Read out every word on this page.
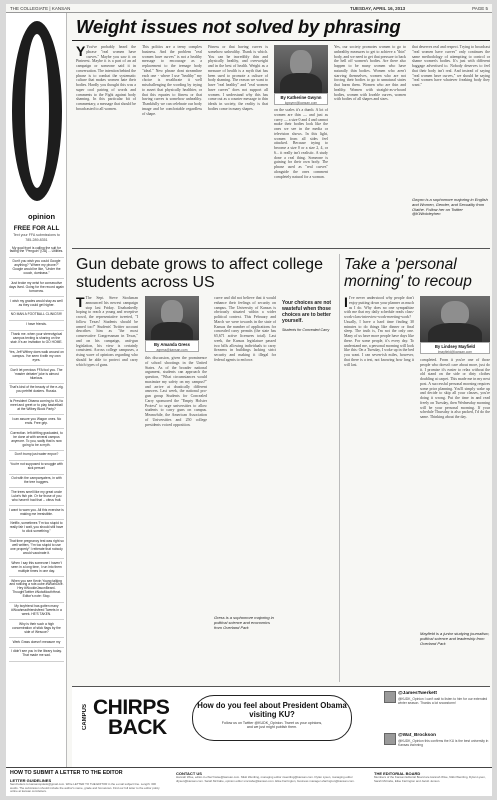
THE COLLEGIATE | KANSAN	TUESDAY, APRIL 16, 2013	PAGE 5
opinion
FREE FOR ALL
Text your FFA submissions to
785-289-8351
My goal front is calling the suit for fading the "Penguin" [OA] ... Utilities.
Don't you wish you could Google anything? "Where my phone?" Google would be like, "Under the couch, dumbass."
Just broke my wrist for consecutive days lived. Going for the record again tomorrow.
I wish my grades would stay as well as they could get higher.
NO MAN A FOOTBALL CLINICS!!!!
I have friends.
Thank me. when your stereotypical campus texting is sharing on the stair. It's an invitation to GO HOME.
Yes, Jeff Withey does walk around on campus. I've seen it with my own eyes.
Don't let previous FFA fool you. The 'master debater' joke is almost hilarious.
That's kind of the beauty of the e-zig. you petrifel dusters. Russia.
Is President Obama coming to KU to meet and greet or to play basketball at the Wilbey Block Party?
I can assure you Wagon ones. No ends. Free grip.
Correction. left drifting graduated, to be done at with several campus anymore. To you, sadly that is now going to be a myth.
Don't trump just water enpox?
You're not supposed to snuggle with sick person!
Out with the campanyaters, in with the tree huggers.
The trees smell like my great uncle Luke's fish pie. Or for those of you who haven't had that -- citrus fruit.
I want to warn you. All this exercise is making me irresistible.
Netflix, sometimes "I'm too stupid to really fair I wait, you should still have to click something."
That time pregnancy test was right so well written, "I'm too stupid to use one properly" I reiterate that nobody would vaccinate it.
When I say this someone I haven't seen in a long time, I run into them multiple times in one day.
When you see Kevin Young talking and noticing a rule-cube #WoahDice. Hey #WookieJasonBeard-ThoughtTwitter #NotaMouthHeat. Editor's note: Stop.
My boyfriend has gotten many #Woahmadfriendsfeed Tweets in a week. HE'S TAKEN.
Why is their such a high concentration of stick flags by the side of Wescoe?
Werk Grass doesn't measure my
I didn't see you in the library today. That made me sad.
Weight issues not solved by phrasing
Y You've probably heard the phrase "real women have curves." Maybe you saw it on Pinterest. Maybe it is a part of an ad campaign or someone said it in conversation. The intention behind the phrase is to combat the systematic culture that makes women hate their bodies. Hardly you thought this was a super cool pairing of words and comments to the Fight against body shaming. In this particular bit of commentary, a message that should be broadcasted to all women.
This politics are a teeny complex business. And the problem "real women have curves" is not a healthy message to encourage as a replacement to the teenage body "ideal." New phrase dont streamline each one - where I use "healthy" my choice is recalibrate it well mischallenging the wording by trying to assert that physically healthier, or that this equates to fitness or that having curves is somehow unhealthy. Thankfully we can celebrate our body image and be comfortable regardless of shape.
Fitness or that having curves is somehow unhealthy. Thank is which. You can be incredibly thin and physically healthy, and overweight and in the best of health. Weight as a measure of health is a myth that has been used to promote a culture of body shaming. The reason we want to have "real healthy" and "real women have curves" does not support all women. I understand why this has come out as a counter message to thin ideals in society, the reality is that bodies come in many shapes.
By Katherine Gwynn
kgwynn@kansan.com
on the scales it's a dumb. A lot of women are thin — and just as curvy — a size 0 and 4 and cannot make their bodies look like the ones we see in the media or television shows. In this light, women from all sides feel attacked. Because trying to become a size 0 or a size 2, 4, or 6... it really isn't realistic. A study done a real thing. Someone is gaining for their own body. The phrase used as "real curves" alongside the ones comment completely natural for a woman.
Yes, our society promotes women to go to unhealthy measures to get to achieve a "thin" body, and we need to get that pressure to back the hell off women's bodies. Are there also happen to be many women who have naturally thin bodies. Women who aren't starving themselves, women who are not forcing their bodies to go to unnatural states that harm them. Women who are thin and healthy. Women with straight-as-a-board bodies, women with lovable curves, women with bodies of all shapes and sizes.
that deserves real and respect. Trying to broadcast "real women have curves" only continues the same methodology of attempting to control or shame women's bodies. It's just with different baggage advertised to. Nobody deserves to feel that their body isn't real. And instead of saying "real women have curves," we should be saying "real women have whatever freaking body they want."
Gwynn is a sophomore majoring in English and Women, Gender, and Sexuality from Olathe. Follow her on Twitter @KWickdeyhen
Gun debate grows to affect college students across US
T The Sept. Steve Stockman announced his newest campaign stop last Friday. Unabashedly hoping to reach a young and receptive crowd, the representative tweeted, "I follow Texas! Students should be armed too!" Students' Twitter account describes him as "the most conservative Congressman in Texas," and on his campaign, anti-gun legislation, his view is certainly consistent. Across college campuses, a rising wave of opinions regarding who should be able to protect and carry which types of guns.
By Amanda Gress
agress@kansan.com
this discussion, given the prominence of school shootings in the United States. As of the broader national argument, students can approach the question, "What circumstances would maximize my safety on my campus?" and arrive at drastically different answers. Last week, the national pro-gun group Students for Concealed Carry sponsored the "Empty Holster Protest" to urge universities to allow students to carry guns on campus. Meanwhile, the American Association of Universities and 250 college presidents voiced opposition.
curve and did not believe that it would enhance their feelings of security on campus. The University of Kansas is obviously situated within a wider political context. This February and March we were towards in the state of Kansas the number of applications for concealed carry permits (the state has 65,671 active licensees total). Last week, the Kansas legislature passed two bills allowing individuals to carry firearms in buildings lacking strict security and making it illegal for federal agents to enforce.
Gress is a sophomore majoring in political science and economics from Overland Park
Your choices are not wasteful when those choices are to better yourself.
Students for Concealed Carry
Take a 'personal morning' to recoup
I I've never understood why people don't enjoy putting down your planner as much as I do. Why does no one sympathize with me that my daily schedule reads class-work-class-interview-work-meeting-work? Usually, I have a hard time finding 30 minutes to do things like dinner or final sleep. The truth is, I'm not the only one. Many of us have more people have days like these. For some people, it's every day. To understand me, a personal morning will look like this: On a Tuesday, I woke up in the bed you want. I ran seven-ish miles, however, that there is a test, not knowing how long it will last.
By Lindsey Mayfield
lmayfield@kansan.com
completed. From it you're one of those people who doesn't care about more, just do it. I promise it's easier to relax without the old stand on the side or dirty clothes doubling at carpet. This made me in my next post. A successful personal morning requires some prior planning. You'll simply wake up and decide to skip all your classes, you're doing it wrong. Put the time in and read freely on Tuesday, then Wednesday morning will be your personal morning. If your schedule Thursday is also packed, I'd do the same. Thinking about the day.
Mayfield is a junior studying journalism, political science and leadership from Overland Park
CAMPUS CHIRPS
BACK
How do you feel about President Obama visiting KU?
Follow us on Twitter @KUDK_Opinion. Tweet us your opinions,
and we just might publish them.
@JamesTwerkett
@KUDK_Opinion I can't wait to listen to him for our extended winter season. Thanks a lot snowstorm!
@Wat_Brockson
@KUDK_Opinion this confirms the KU is the best university in Kansas #winning
HOW TO SUBMIT A LETTER TO THE EDITOR
LETTER GUIDELINES
Send letters to kansanopdesk@gmail.com. Write LETTER TO THE EDITOR in the e-mail subject line. Length: 300 words. The submission should include the author's name, grade and hometown. Find our full letter to the editor policy online at kansan.com/letters.
CONTACT US
Hannah Wise, editor-in-chief hwise@kansan.com. Nikki Wentling, managing editor nwentling@kansan.com. Dylan Lysen, managing editor dlysen@kansan.com. Sarah McCabe, opinion editor smccabe@kansan.com. Elise Farrington, business manager efarrington@kansan.com.
THE EDITORIAL BOARD
Members of the Kansan Editorial Board are Hannah Wise, Nikki Wentling, Dylan Lysen, Sarah McCabe, Elise Farrington and Jacob Jenson.
